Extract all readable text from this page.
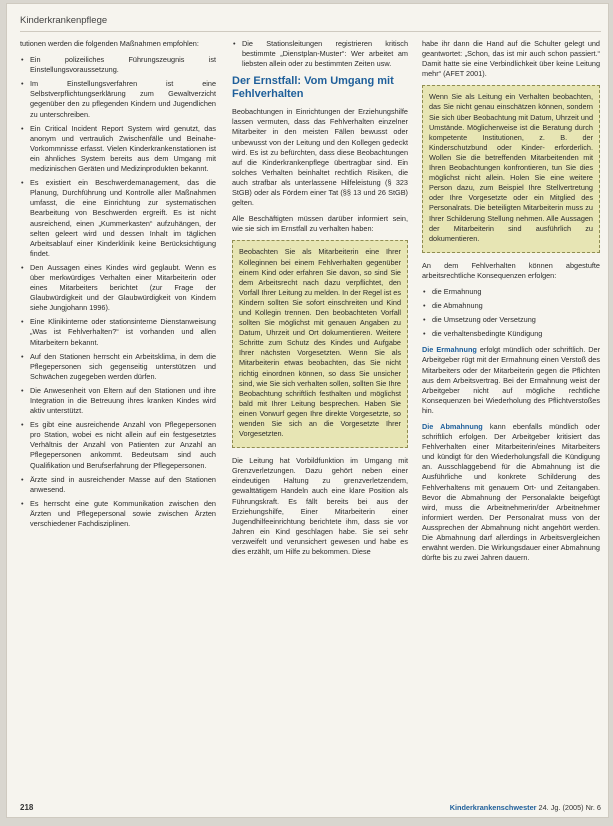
Kinderkrankenpflege

tutionen werden die folgenden Maßnahmen empfohlen:

• Ein polizeiliches Führungszeugnis ist Einstellungsvoraussetzung.
• Im Einstellungsverfahren ist eine Selbstverpflichtungserklärung zum Gewaltverzicht gegenüber den zu pflegenden Kindern und Jugendlichen zu unterschreiben.
• Ein Critical Incident Report System wird genutzt, das anonym und vertraulich Zwischenfälle und Beinahe-Vorkommnisse erfasst. Vielen Kinderkrankenstationen ist ein ähnliches System bereits aus dem Umgang mit medizinischen Geräten und Medizinprodukten bekannt.
• Es existiert ein Beschwerdemanagement, das die Planung, Durchführung und Kontrolle aller Maßnahmen umfasst, die eine Einrichtung zur systematischen Bearbeitung von Beschwerden ergreift. Es ist nicht ausreichend, einen „Kummerkasten“ aufzuhängen, der selten geleert wird und dessen Inhalt im täglichen Arbeitsablauf einer Kinderklinik keine Berücksichtigung findet.
• Den Aussagen eines Kindes wird geglaubt. Wenn es über merkwürdiges Verhalten einer Mitarbeiterin oder eines Mitarbeiters berichtet (zur Frage der Glaubwürdigkeit und der Glaubwürdigkeit von Kindern siehe Jungjohann 1996).
• Eine Klinikinterne oder stationsinterne Dienstanweisung „Was ist Fehlverhalten?“ ist vorhanden und allen Mitarbeitern bekannt.
• Auf den Stationen herrscht ein Arbeitsklima, in dem die Pflegepersonen sich gegenseitig unterstützen und Schwächen zugegeben werden dürfen.
• Die Anwesenheit von Eltern auf den Stationen und ihre Integration in die Betreuung ihres kranken Kindes wird aktiv unterstützt.
• Es gibt eine ausreichende Anzahl von Pflegepersonen pro Station, wobei es nicht allein auf ein festgesetztes Verhältnis der Anzahl von Patienten zur Anzahl an Pflegepersonen ankommt. Bedeutsam sind auch Qualifikation und Berufserfahrung der Pflegepersonen.
• Ärzte sind in ausreichender Masse auf den Stationen anwesend.
• Es herrscht eine gute Kommunikation zwischen den Ärzten und Pflegepersonal sowie zwischen Ärzten verschiedener Fachdisziplinen.
• Die Stationsleitungen registrieren kritisch bestimmte „Dienstplan-Muster“: Wer arbeitet am liebsten allein oder zu bestimmten Zeiten usw.
Der Ernstfall: Vom Umgang mit Fehlverhalten

Beobachtungen in Einrichtungen der Erziehungshilfe lassen vermuten, dass das Fehlverhalten einzelner Mitarbeiter in den meisten Fällen bewusst oder unbewusst von der Leitung und den Kollegen gedeckt wird. Es ist zu befürchten, dass diese Beobachtungen auf die Kinderkrankenpflege übertragbar sind. Ein solches Verhalten beinhaltet rechtlich Risiken, die auch strafbar als unterlassene Hilfeleistung (§ 323 StGB) oder als Fördern einer Tat (§§ 13 und 26 StGB) gelten.

Alle Beschäftigten müssen darüber informiert sein, wie sie sich im Ernstfall zu verhalten haben:

Beobachten Sie als Mitarbeiterin eine Ihrer Kolleginnen bei einem Fehlverhalten gegenüber einem Kind oder erfahren Sie davon, so sind Sie dem Arbeitsrecht nach dazu verpflichtet, den Vorfall Ihrer Leitung zu melden. In der Regel ist es Kindern sollten Sie sofort einschreiten und Kind und Kollegin trennen. Den beobachteten Vorfall sollten Sie möglichst mit genauen Angaben zu Datum, Uhrzeit und Ort dokumentieren. Weitere Schritte zum Schutz des Kindes und Aufgabe Ihrer nächsten Vorgesetzten. Wenn Sie als Mitarbeiterin etwas beobachten, das Sie nicht richtig einordnen können, so dass Sie unsicher sind, wie Sie sich verhalten sollen, sollten Sie Ihre Beobachtung schriftlich festhalten und möglichst bald mit Ihrer Leitung besprechen. Haben Sie einen Vorwurf gegen Ihre direkte Vorgesetzte, so wenden Sie sich an die Vorgesetzte Ihrer Vorgesetzten.

Die Leitung hat Vorbildfunktion im Umgang mit Grenzverletzungen. Dazu gehört neben einer eindeutigen Haltung zu grenzverletzendem, gewalttätigem Handeln auch eine klare Position als Führungskraft. Es fällt bereits bei aus der Erziehungshilfe, Einer Mitarbeiterin einer Jugendhilfeeinrichtung berichtete ihm, dass sie vor Jahren ein Kind geschlagen habe. Sie sei sehr verzweifelt und verunsichert gewesen und habe es dies erzählt, um Hilfe zu bekommen. Diese

habe ihr dann die Hand auf die Schulter gelegt und geantwortet: „Schon, das ist mir auch schon passiert.“ Damit hatte sie eine Verbindlichkeit über keine Leitung mehr“ (AFET 2001).

Wenn Sie als Leitung ein Verhalten beobachten, das Sie nicht genau einschätzen können, sondern Sie sich über Beobachtung mit Datum, Uhrzeit und Umstände. Möglicherweise ist die Beratung durch kompetente Institutionen, z. B. der Kinderschutzbund oder Kinder- erforderlich. Wollen Sie die betreffenden Mitarbeitenden mit Ihren Beobachtungen konfrontieren, tun Sie dies möglichst nicht allein. Holen Sie eine weitere Person dazu, zum Beispiel Ihre Stellvertretung oder Ihre Vorgesetzte oder ein Mitglied des Personalrats. Die beteiligten Mitarbeiterin muss zu Ihrer Schilderung Stellung nehmen. Alle Aussagen der Mitarbeiterin sind ausführlich zu dokumentieren.

An dem Fehlverhalten können abgestufte arbeitsrechtliche Konsequenzen erfolgen:

• die Ermahnung
• die Abmahnung
• die Umsetzung oder Versetzung
• die verhaltensbedingte Kündigung

Die Ermahnung erfolgt mündlich oder schriftlich. Der Arbeitgeber rügt mit der Ermahnung einen Verstoß des Mitarbeiters oder der Mitarbeiterin gegen die Pflichten aus dem Arbeitsvertrag. Bei der Ermahnung weist der Arbeitgeber nicht auf mögliche rechtliche Konsequenzen bei Wiederholung des Pflichtverstoßes hin.

Die Abmahnung kann ebenfalls mündlich oder schriftlich erfolgen. Der Arbeitgeber kritisiert das Fehlverhalten einer Mitarbeiterin/eines Mitarbeiters und kündigt für den Wiederholungsfall die Kündigung an. Ausschlaggebend für die Abmahnung ist die Ausführliche und konkrete Schilderung des Fehlverhaltens mit genauem Ort- und Zeitangaben. Bevor die Abmahnung der Personalakte beigefügt wird, muss die Arbeitnehmerin/der Arbeitnehmer informiert werden. Der Personalrat muss von der Aussprechen der Abmahnung nicht angehört werden. Die Abmahnung darf allerdings in Arbeitsvergleichen erwähnt werden. Die Wirkungsdauer einer Abmahnung dürfte bis zu zwei Jahren dauern.

218	Kinderkrankenschwester 24. Jg. (2005) Nr. 6
